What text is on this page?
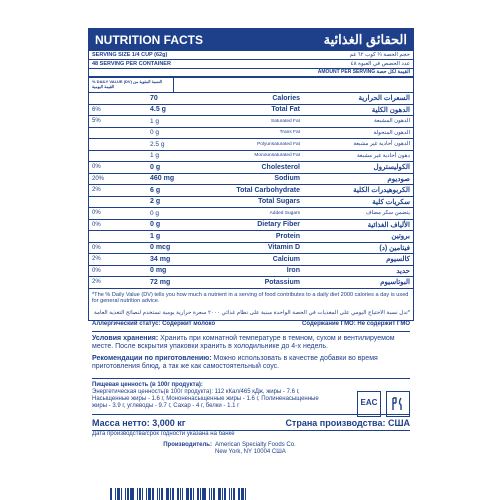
NUTRITION FACTS	الحقائق الغذائية
SERVING SIZE 1/4 CUP (62g)	حجم الحصة ¼ كوب ٦٢ غم
48 SERVING PER CONTAINER	عدد الحصص في العبوة ٤٨
AMOUNT PER SERVING القيمة لكل حصة
% DAILY VALUE (DV) النسبة المئوية من القيمة اليومية
70	Calories	السعرات الحرارية
6%	4.5 g	Total Fat	الدهون الكلية
5%	1 g	Saturated Fat	الدهون المشبعة
0 g	Trans Fat	الدهون المتحولة
2.5 g	Polyunsaturated Fat	الدهون أحادية غير مشبعة
1 g	Monounsaturated Fat	دهون أحادية غير مشبعة
0%	0 g	Cholesterol	الكوليسترول
20%	460 mg	Sodium	صوديوم
2%	6 g	Total Carbohydrate	الكربوهيدرات الكلية
2 g	Total Sugars	سكريات كلية
0%	0 g	Added Sugars	يتضمن سكر مضاف
0%	0 g	Dietary Fiber	الألياف الغذائية
1 g	Protein	بروتين
0%	0 mcg	Vitamin D	فيتامين (د)
2%	34 mg	Calcium	كالسيوم
0%	0 mg	Iron	حديد
2%	72 mg	Potassium	البوتاسيوم
*The % Daily Value (DV) tells you how much a nutrient in a serving of food contributes to a daily diet 2000 calories a day is used for general nutrition advice.
*تدل نسبة الاحتياج اليومي على المغذيات في الحصة الواحدة مبنية على نظام غذائي ٢٠٠٠ سعرة حرارية يومية تستخدم لنصائح التغذية العامة
Аллергический статус: Содержит молоко	Содержание ГМО: Не содержит ГМО
Условия хранения: Хранить при комнатной температуре в темном, сухом и вентилируемом месте. После вскрытия упаковки хранить в холодильнике до 4-х недель.
Рекомендации по приготовлению: Можно использовать в качестве добавки во время приготовления блюд, а так же как самостоятельный соус.
Пищевая ценность (в 100г продукта):
Энергетическая ценность(в 100г продукта): 112 кКал/465 кДж, жиры - 7.6 г, Насыщенные жиры - 1.6 г, Мононенасыщенные жиры - 1.6 г, Полиненасыщенные жиры - 3.9 г, углеводы - 9.7 г, Сахар - 4 г, белки - 1.1 г	EAC
Масса нетто: 3,000 кг	Страна производства: США
Дата производства/срок годности указана на банке
Производитель: American Specialty Foods Co.
New York, NY 10004 США
